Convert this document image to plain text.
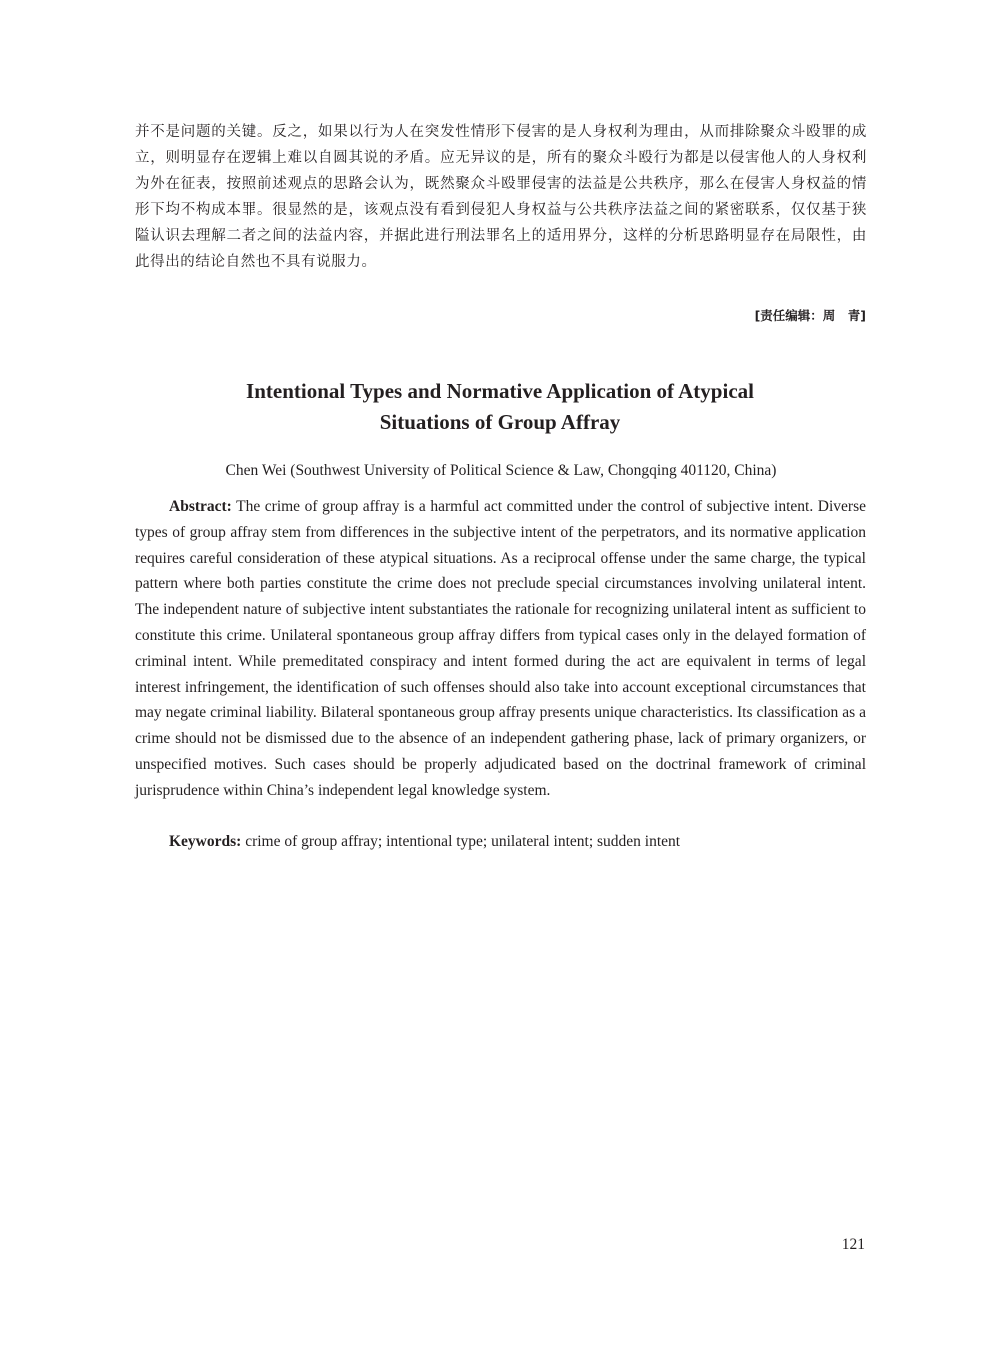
并不是问题的关键。反之，如果以行为人在突发性情形下侵害的是人身权利为理由，从而排除聚众斗殴罪的成立，则明显存在逻辑上难以自圆其说的矛盾。应无异议的是，所有的聚众斗殴行为都是以侵害他人的人身权利为外在征表，按照前述观点的思路会认为，既然聚众斗殴罪侵害的法益是公共秩序，那么在侵害人身权益的情形下均不构成本罪。很显然的是，该观点没有看到侵犯人身权益与公共秩序法益之间的紧密联系，仅仅基于狭隘认识去理解二者之间的法益内容，并据此进行刑法罪名上的适用界分，这样的分析思路明显存在局限性，由此得出的结论自然也不具有说服力。
[责任编辑：周　青]
Intentional Types and Normative Application of Atypical
Situations of Group Affray
Chen Wei (Southwest University of Political Science & Law, Chongqing 401120, China)

Abstract: The crime of group affray is a harmful act committed under the control of subjective intent. Diverse types of group affray stem from differences in the subjective intent of the perpetrators, and its normative application requires careful consideration of these atypical situations. As a reciprocal offense under the same charge, the typical pattern where both parties constitute the crime does not preclude special circumstances involving unilateral intent. The independent nature of subjective intent substantiates the rationale for recognizing unilateral intent as sufficient to constitute this crime. Unilateral spontaneous group affray differs from typical cases only in the delayed formation of criminal intent. While premeditated conspiracy and intent formed during the act are equivalent in terms of legal interest infringement, the identification of such offenses should also take into account exceptional circumstances that may negate criminal liability. Bilateral spontaneous group affray presents unique characteristics. Its classification as a crime should not be dismissed due to the absence of an independent gathering phase, lack of primary organizers, or unspecified motives. Such cases should be properly adjudicated based on the doctrinal framework of criminal jurisprudence within China’s independent legal knowledge system.

Keywords: crime of group affray; intentional type; unilateral intent; sudden intent

121
